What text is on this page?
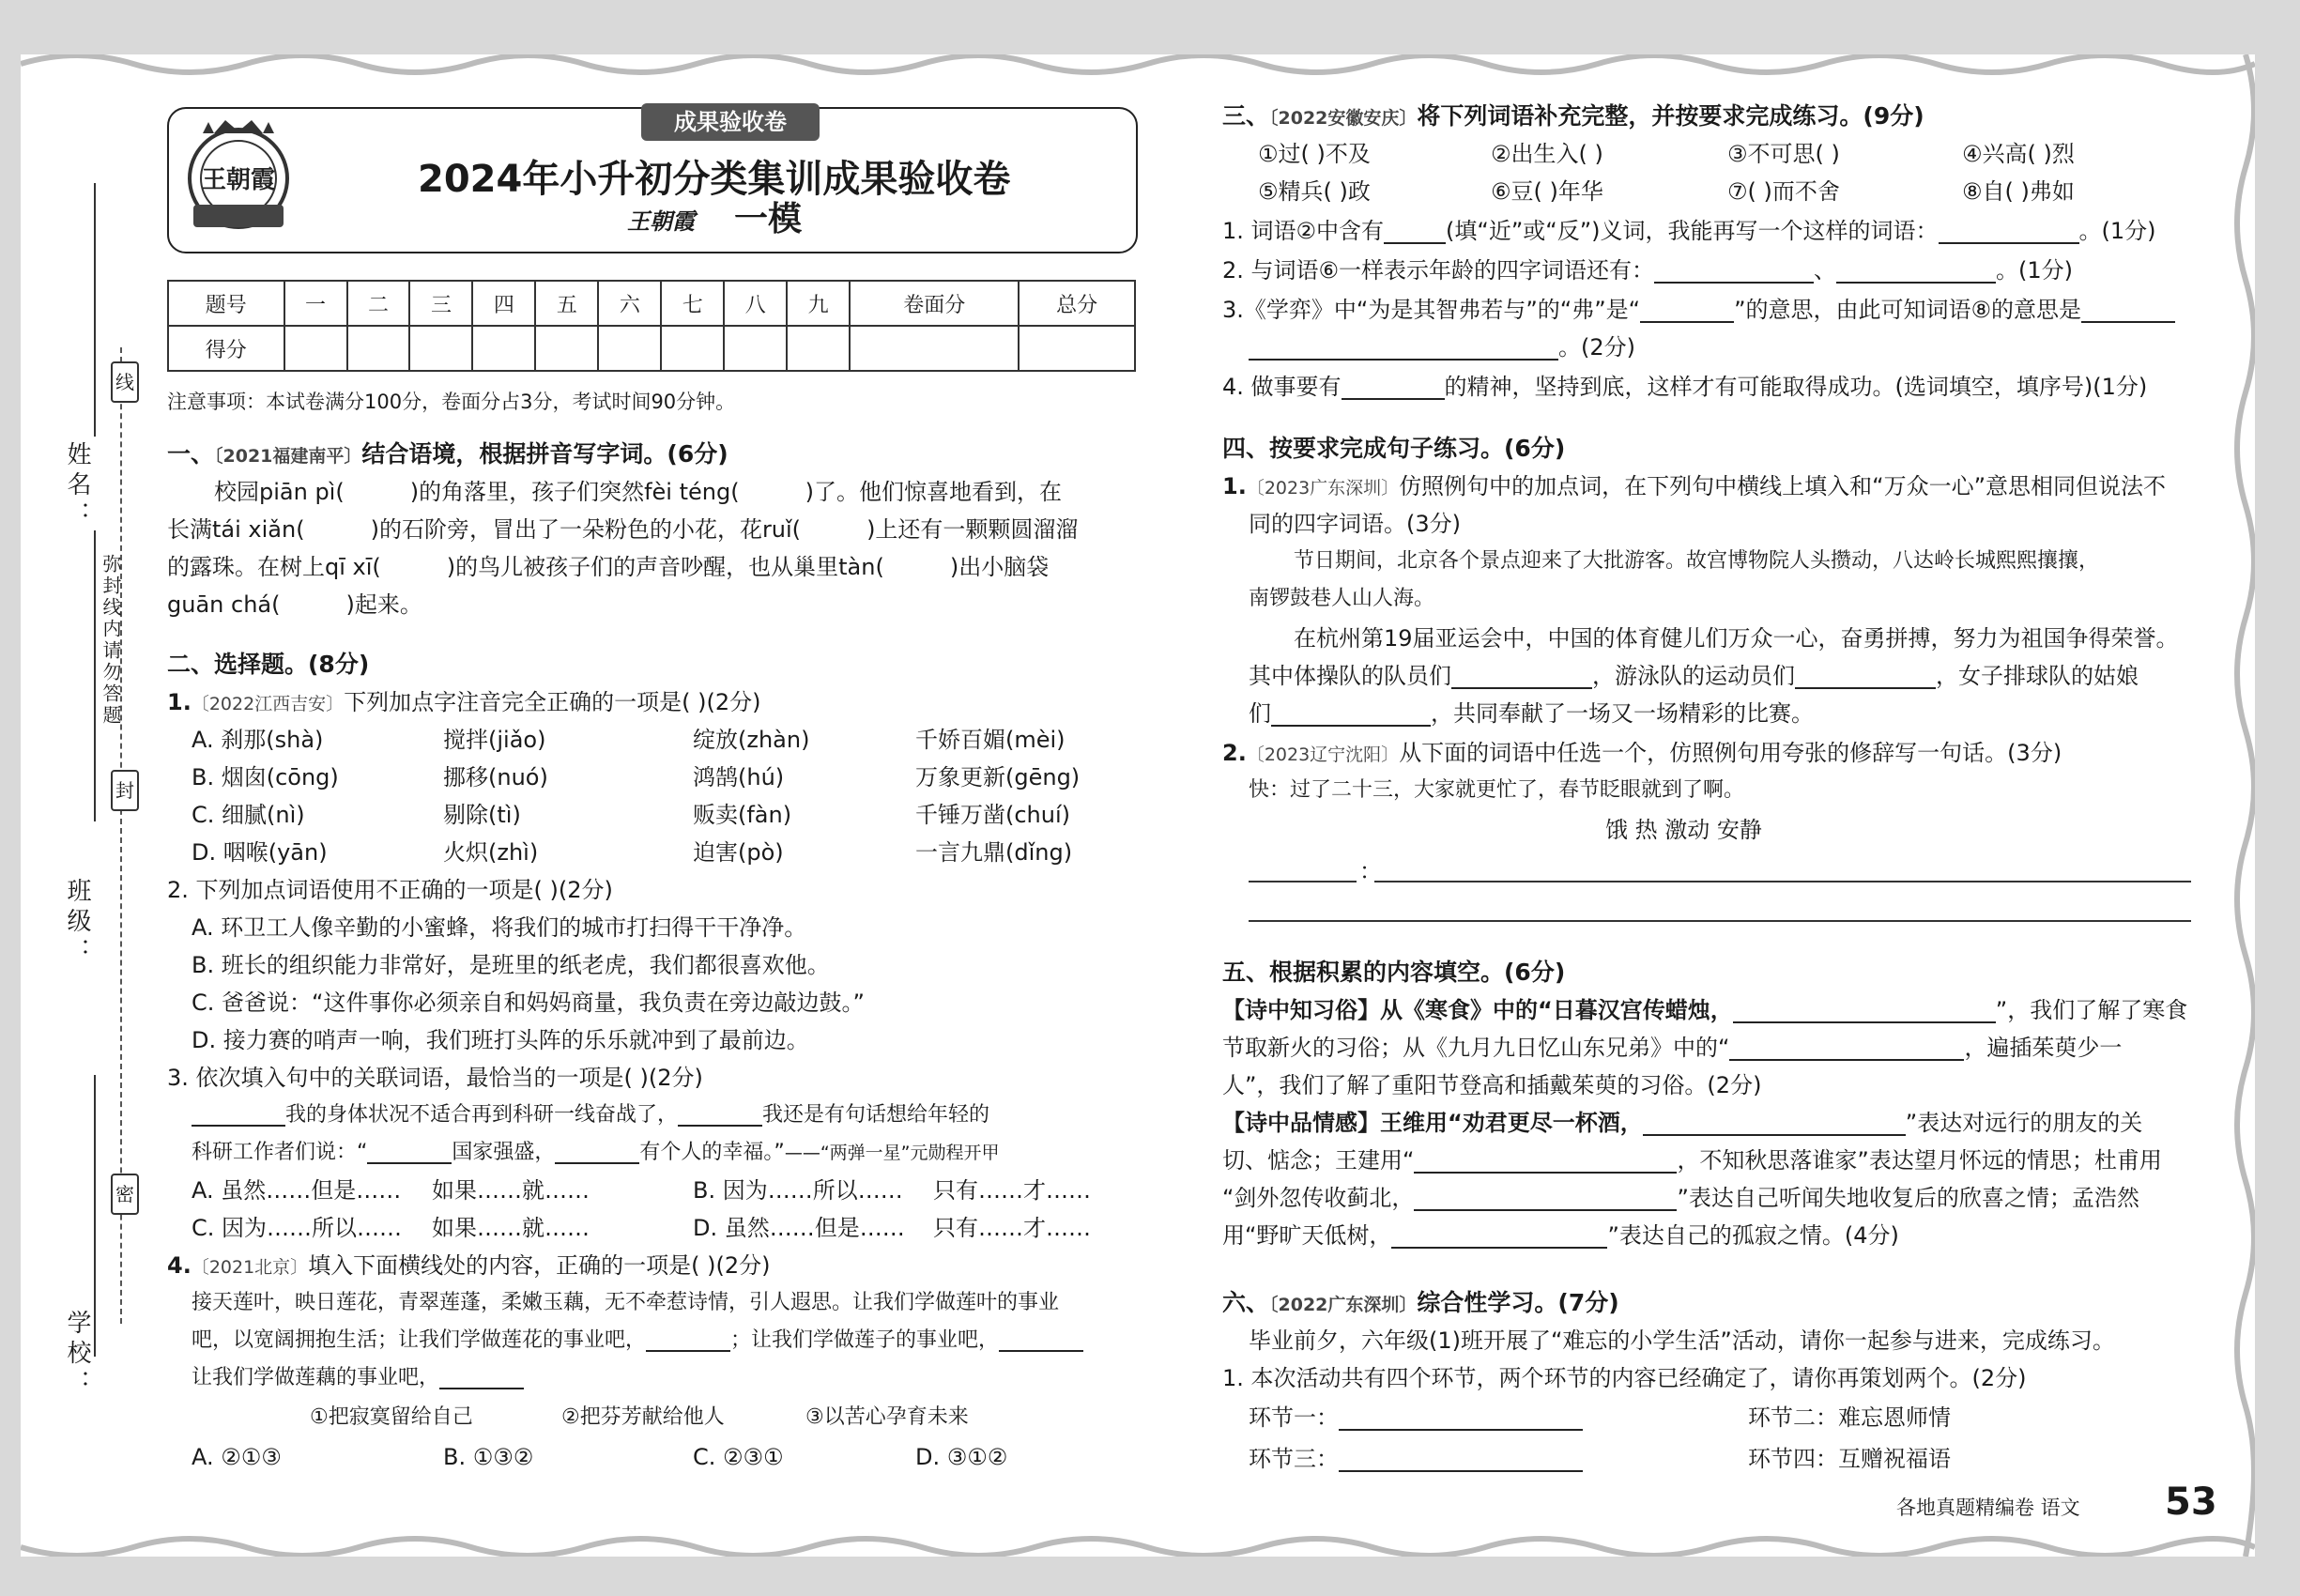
姓名：
班级：
学校：
弥封线内请勿答题
线
封
密
成果验收卷
王朝霞	2024年小升初分类集训成果验收卷
王朝霞 一模
题号	一	二	三	四	五	六	七	八	九	卷面分	总分
得分											
注意事项：本试卷满分100分，卷面分占3分，考试时间90分钟。
一、〔2021福建南平〕结合语境，根据拼音写字词。(6分)
校园piān pì(	)的角落里，孩子们突然fèi téng(	)了。他们惊喜地看到，在
长满tái xiǎn(	)的石阶旁，冒出了一朵粉色的小花，花ruǐ(	)上还有一颗颗圆溜溜
的露珠。在树上qī xī(	)的鸟儿被孩子们的声音吵醒，也从巢里tàn(	)出小脑袋
guān chá(	)起来。
二、选择题。(8分)
1.〔2022江西吉安〕下列加点字注音完全正确的一项是( )(2分)
A. 刹那(shà)	搅拌(jiǎo)	绽放(zhàn)	千娇百媚(mèi)
B. 烟囱(cōng)	挪移(nuó)	鸿鹄(hú)	万象更新(gēng)
C. 细腻(nì)	剔除(tì)	贩卖(fàn)	千锤万凿(chuí)
D. 咽喉(yān)	火炽(zhì)	迫害(pò)	一言九鼎(dǐng)
2. 下列加点词语使用不正确的一项是( )(2分)
A. 环卫工人像辛勤的小蜜蜂，将我们的城市打扫得干干净净。
B. 班长的组织能力非常好，是班里的纸老虎，我们都很喜欢他。
C. 爸爸说：“这件事你必须亲自和妈妈商量，我负责在旁边敲边鼓。”
D. 接力赛的哨声一响，我们班打头阵的乐乐就冲到了最前边。
3. 依次填入句中的关联词语，最恰当的一项是( )(2分)
我的身体状况不适合再到科研一线奋战了，	我还是有句话想给年轻的
科研工作者们说：“	国家强盛，	有个人的幸福。”——“两弹一星”元勋程开甲
A. 虽然……但是…… 如果……就……	B. 因为……所以…… 只有……才……
C. 因为……所以…… 如果……就……	D. 虽然……但是…… 只有……才……
4.〔2021北京〕填入下面横线处的内容，正确的一项是( )(2分)
接天莲叶，映日莲花，青翠莲蓬，柔嫩玉藕，无不牵惹诗情，引人遐思。让我们学做莲叶的事业
吧，以宽阔拥抱生活；让我们学做莲花的事业吧，	；让我们学做莲子的事业吧，
让我们学做莲藕的事业吧，
①把寂寞留给自己	②把芬芳献给他人	③以苦心孕育未来
A. ②①③	B. ①③②	C. ②③①	D. ③①②
三、〔2022安徽安庆〕将下列词语补充完整，并按要求完成练习。(9分)
①过( )不及	②出生入( )	③不可思( )	④兴高( )烈
⑤精兵( )政	⑥豆( )年华	⑦( )而不舍	⑧自( )弗如
1. 词语②中含有	(填“近”或“反”)义词，我能再写一个这样的词语：	。(1分)
2. 与词语⑥一样表示年龄的四字词语还有：	、	。(1分)
3.《学弈》中“为是其智弗若与”的“弗”是“	”的意思，由此可知词语⑧的意思是
。(2分)
4. 做事要有	的精神，坚持到底，这样才有可能取得成功。(选词填空，填序号)(1分)
四、按要求完成句子练习。(6分)
1.〔2023广东深圳〕仿照例句中的加点词，在下列句中横线上填入和“万众一心”意思相同但说法不
同的四字词语。(3分)
节日期间，北京各个景点迎来了大批游客。故宫博物院人头攒动，八达岭长城熙熙攘攘，
南锣鼓巷人山人海。
在杭州第19届亚运会中，中国的体育健儿们万众一心，奋勇拼搏，努力为祖国争得荣誉。
其中体操队的队员们	，游泳队的运动员们	，女子排球队的姑娘
们	，共同奉献了一场又一场精彩的比赛。
2.〔2023辽宁沈阳〕从下面的词语中任选一个，仿照例句用夸张的修辞写一句话。(3分)
快：过了二十三，大家就更忙了，春节眨眼就到了啊。
饿 热 激动 安静
：
五、根据积累的内容填空。(6分)
【诗中知习俗】从《寒食》中的“日暮汉宫传蜡烛，	”，我们了解了寒食
节取新火的习俗；从《九月九日忆山东兄弟》中的“	，遍插茱萸少一
人”，我们了解了重阳节登高和插戴茱萸的习俗。(2分)
【诗中品情感】王维用“劝君更尽一杯酒，	”表达对远行的朋友的关
切、惦念；王建用“	，不知秋思落谁家”表达望月怀远的情思；杜甫用
“剑外忽传收蓟北，	”表达自己听闻失地收复后的欣喜之情；孟浩然
用“野旷天低树，	”表达自己的孤寂之情。(4分)
六、〔2022广东深圳〕综合性学习。(7分)
毕业前夕，六年级(1)班开展了“难忘的小学生活”活动，请你一起参与进来，完成练习。
1. 本次活动共有四个环节，两个环节的内容已经确定了，请你再策划两个。(2分)
环节一：	环节二：难忘恩师情
环节三：	环节四：互赠祝福语
各地真题精编卷 语文 53
